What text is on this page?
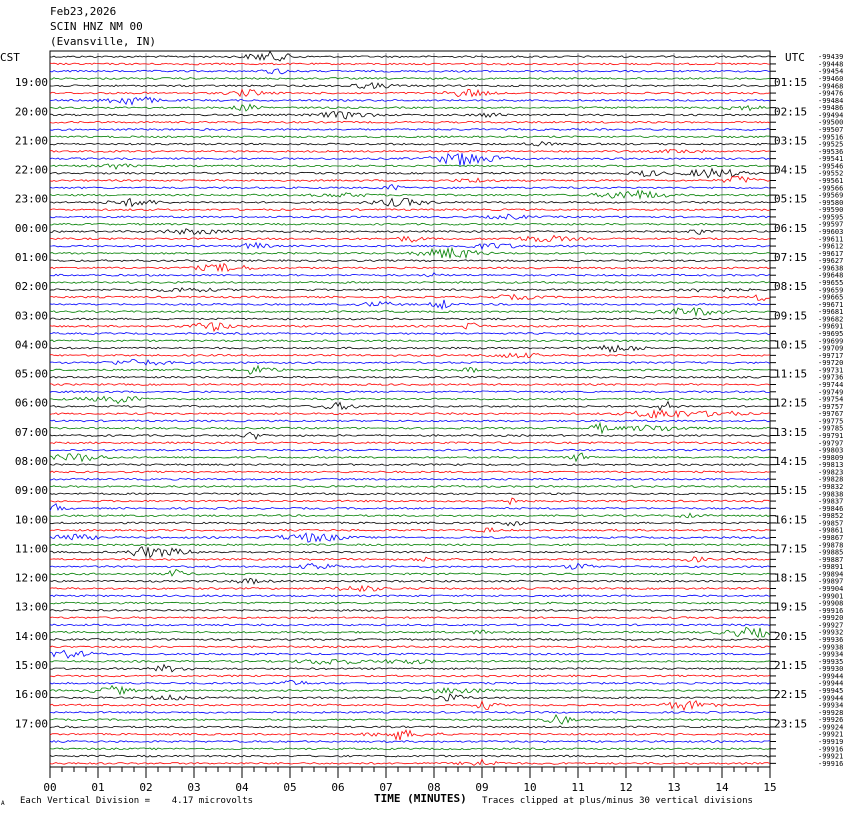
Feb23,2026
SCIN HNZ NM 00
(Evansville, IN)
CST	UTC
00	01	02	03	04	05	06	07	08	09	10	11	12	13	14	15
-99439
-99448
-99454
-99460
-99468
-99476
-99484
-99486
-99494
-99500
-99507
-99516
-99525
-99536
-99541
-99546
-99552
-99561
-99566
-99569
-99580
-99590
-99595
-99597
-99603
-99611
-99612
-99617
-99627
-99638
-99648
-99655
-99659
-99665
-99671
-99681
-99682
-99691
-99695
-99699
-99709
-99717
-99720
-99731
-99736
-99744
-99749
-99754
-99757
-99767
-99775
-99785
-99791
-99797
-99803
-99809
-99813
-99823
-99828
-99832
-99838
-99837
-99846
-99852
-99857
-99861
-99867
-99878
-99885
-99887
-99891
-99894
-99897
-99904
-99901
-99908
-99916
-99920
-99927
-99932
-99936
-99938
-99934
-99935
-99930
-99944
-99944
-99945
-99944
-99934
-99928
-99926
-99924
-99921
-99919
-99916
-99921
-99916
19:00
20:00
21:00
22:00
23:00
00:00
01:00
02:00
03:00
04:00
05:00
06:00
07:00
08:00
09:00
10:00
11:00
12:00
13:00
14:00
15:00
16:00
17:00
01:15
02:15
03:15
04:15
05:15
06:15
07:15
08:15
09:15
10:15
11:15
12:15
13:15
14:15
15:15
16:15
17:15
18:15
19:15
20:15
21:15
22:15
23:15
A Each Vertical Division =    4.17 microvolts	TIME (MINUTES) Traces clipped at plus/minus 30 vertical divisions
